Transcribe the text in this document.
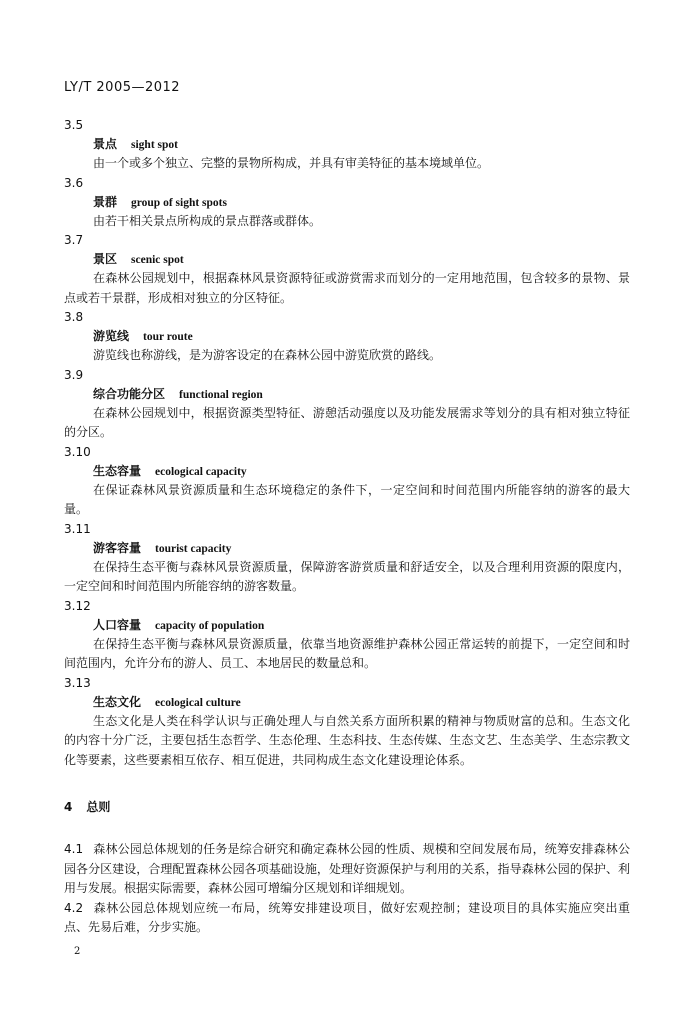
LY/T 2005—2012
3.5
景点 sight spot
由一个或多个独立、完整的景物所构成，并具有审美特征的基本境域单位。
3.6
景群 group of sight spots
由若干相关景点所构成的景点群落或群体。
3.7
景区 scenic spot
在森林公园规划中，根据森林风景资源特征或游赏需求而划分的一定用地范围，包含较多的景物、景点或若干景群，形成相对独立的分区特征。
3.8
游览线 tour route
游览线也称游线，是为游客设定的在森林公园中游览欣赏的路线。
3.9
综合功能分区 functional region
在森林公园规划中，根据资源类型特征、游憩活动强度以及功能发展需求等划分的具有相对独立特征的分区。
3.10
生态容量 ecological capacity
在保证森林风景资源质量和生态环境稳定的条件下，一定空间和时间范围内所能容纳的游客的最大量。
3.11
游客容量 tourist capacity
在保持生态平衡与森林风景资源质量，保障游客游赏质量和舒适安全，以及合理利用资源的限度内，一定空间和时间范围内所能容纳的游客数量。
3.12
人口容量 capacity of population
在保持生态平衡与森林风景资源质量，依靠当地资源维护森林公园正常运转的前提下，一定空间和时间范围内，允许分布的游人、员工、本地居民的数量总和。
3.13
生态文化 ecological culture
生态文化是人类在科学认识与正确处理人与自然关系方面所积累的精神与物质财富的总和。生态文化的内容十分广泛，主要包括生态哲学、生态伦理、生态科技、生态传媒、生态文艺、生态美学、生态宗教文化等要素，这些要素相互依存、相互促进，共同构成生态文化建设理论体系。
4 总则
4.1 森林公园总体规划的任务是综合研究和确定森林公园的性质、规模和空间发展布局，统筹安排森林公园各分区建设，合理配置森林公园各项基础设施，处理好资源保护与利用的关系，指导森林公园的保护、利用与发展。根据实际需要，森林公园可增编分区规划和详细规划。
4.2 森林公园总体规划应统一布局，统筹安排建设项目，做好宏观控制；建设项目的具体实施应突出重点、先易后难，分步实施。
2
